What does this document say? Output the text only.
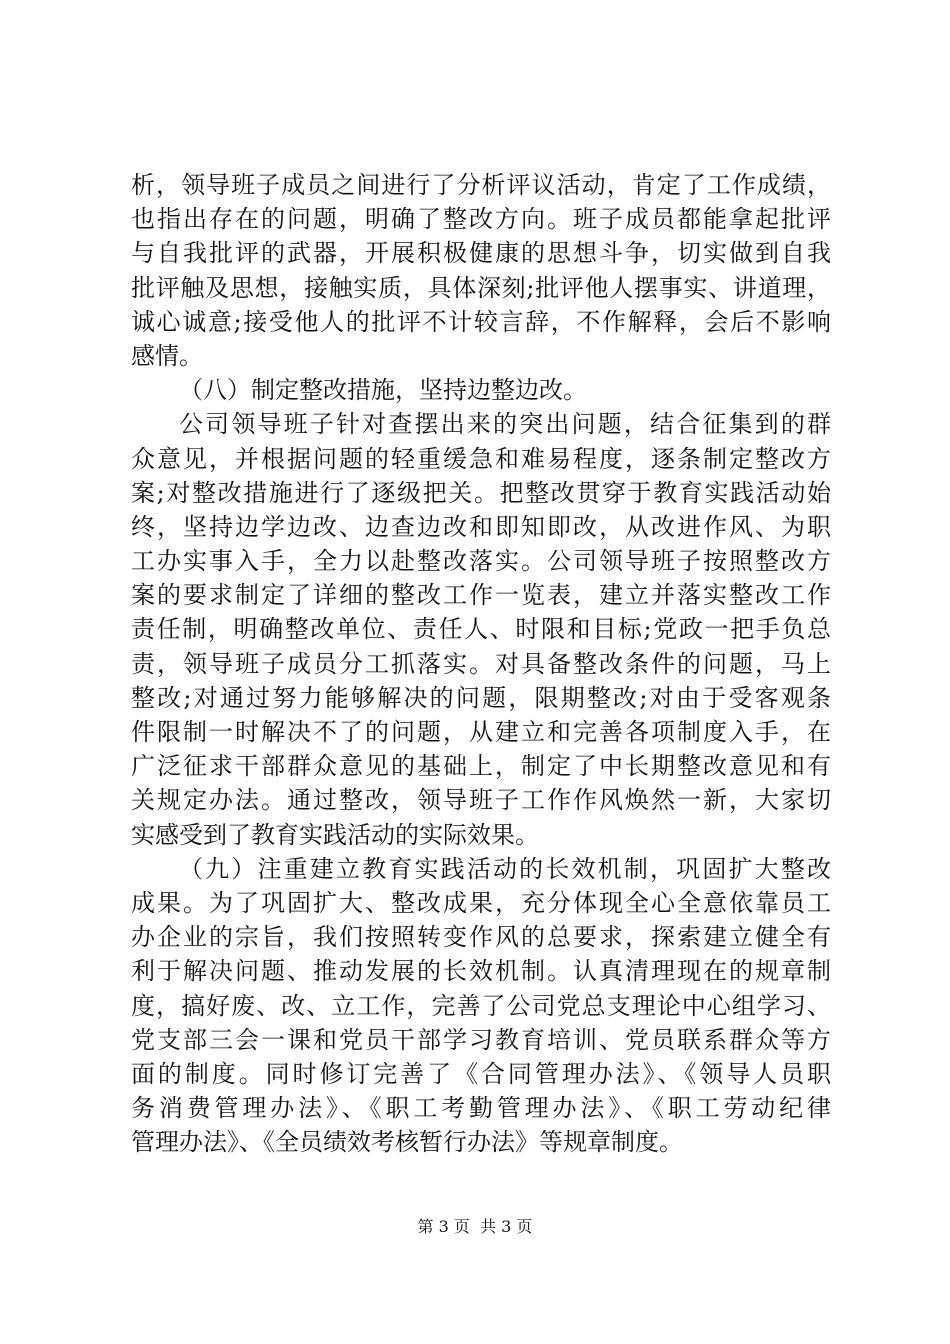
析，领导班子成员之间进行了分析评议活动，肯定了工作成绩，
也指出存在的问题，明确了整改方向。班子成员都能拿起批评
与自我批评的武器，开展积极健康的思想斗争，切实做到自我
批评触及思想，接触实质，具体深刻;批评他人摆事实、讲道理，
诚心诚意;接受他人的批评不计较言辞，不作解释，会后不影响
感情。
（八）制定整改措施，坚持边整边改。
公司领导班子针对查摆出来的突出问题，结合征集到的群
众意见，并根据问题的轻重缓急和难易程度，逐条制定整改方
案;对整改措施进行了逐级把关。把整改贯穿于教育实践活动始
终，坚持边学边改、边查边改和即知即改，从改进作风、为职
工办实事入手，全力以赴整改落实。公司领导班子按照整改方
案的要求制定了详细的整改工作一览表，建立并落实整改工作
责任制，明确整改单位、责任人、时限和目标;党政一把手负总
责，领导班子成员分工抓落实。对具备整改条件的问题，马上
整改;对通过努力能够解决的问题，限期整改;对由于受客观条
件限制一时解决不了的问题，从建立和完善各项制度入手，在
广泛征求干部群众意见的基础上，制定了中长期整改意见和有
关规定办法。通过整改，领导班子工作作风焕然一新，大家切
实感受到了教育实践活动的实际效果。
（九）注重建立教育实践活动的长效机制，巩固扩大整改
成果。为了巩固扩大、整改成果，充分体现全心全意依靠员工
办企业的宗旨，我们按照转变作风的总要求，探索建立健全有
利于解决问题、推动发展的长效机制。认真清理现在的规章制
度，搞好废、改、立工作，完善了公司党总支理论中心组学习、
党支部三会一课和党员干部学习教育培训、党员联系群众等方
面的制度。同时修订完善了《合同管理办法》、《领导人员职
务消费管理办法》、《职工考勤管理办法》、《职工劳动纪律
管理办法》、《全员绩效考核暂行办法》等规章制度。
第 3 页  共 3 页
